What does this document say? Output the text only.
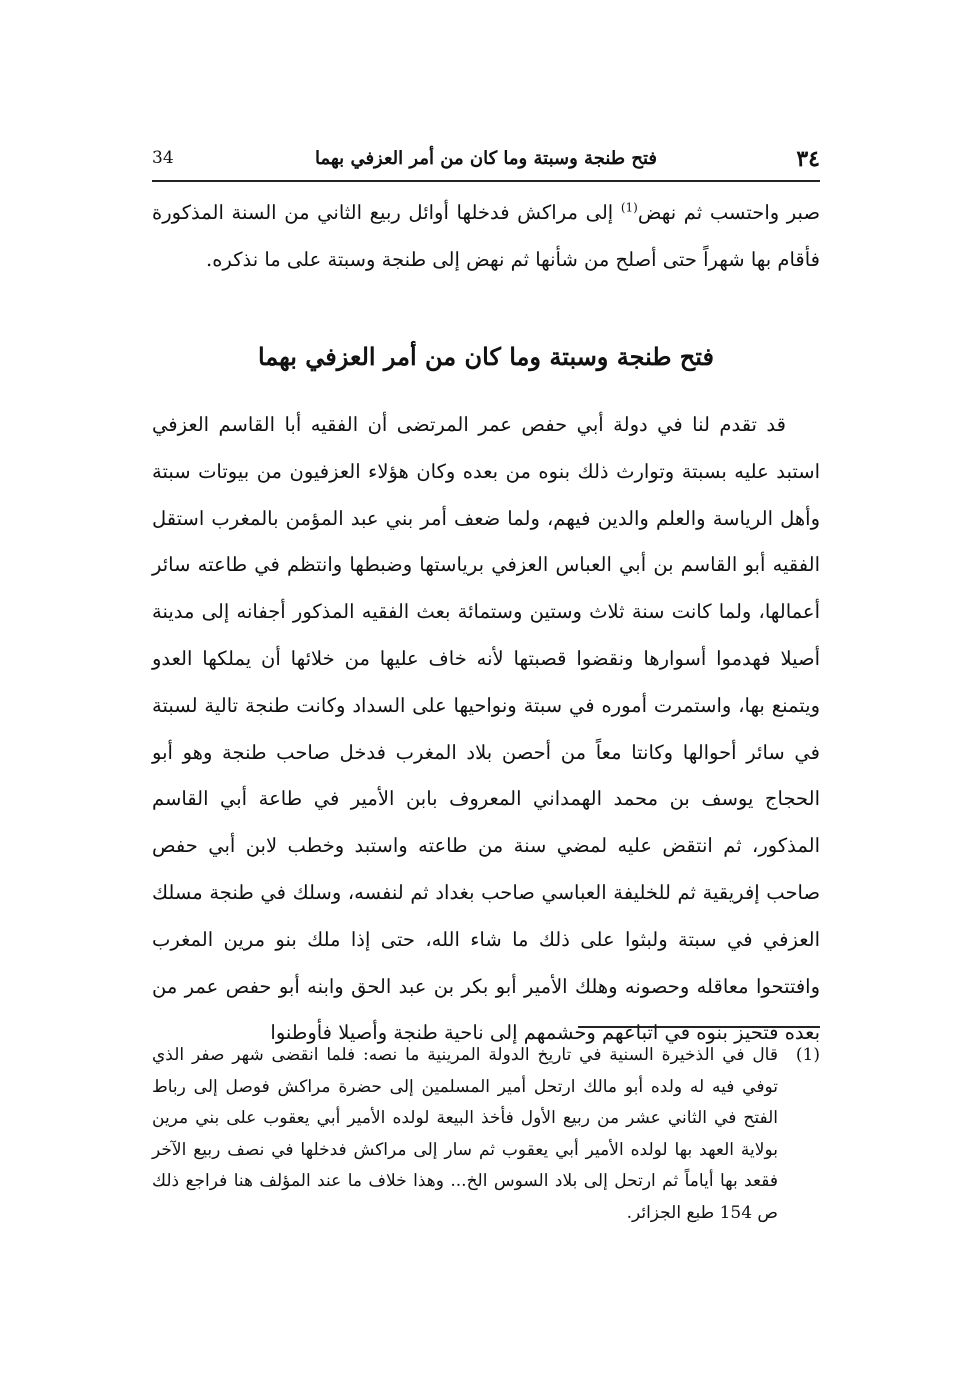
٣٤
فتح طنجة وسبتة وما كان من أمر العزفي بهما
34

صبر واحتسب ثم نهض$^{(1)}$ إلى مراكش فدخلها أوائل ربيع الثاني من السنة المذكورة فأقام بها شهراً حتى أصلح من شأنها ثم نهض إلى طنجة وسبتة على ما نذكره.

فتح طنجة وسبتة وما كان من أمر العزفي بهما

قد تقدم لنا في دولة أبي حفص عمر المرتضى أن الفقيه أبا القاسم العزفي استبد عليه بسبتة وتوارث ذلك بنوه من بعده وكان هؤلاء العزفيون من بيوتات سبتة وأهل الرياسة والعلم والدين فيهم، ولما ضعف أمر بني عبد المؤمن بالمغرب استقل الفقيه أبو القاسم بن أبي العباس العزفي برياستها وضبطها وانتظم في طاعته سائر أعمالها، ولما كانت سنة ثلاث وستين وستمائة بعث الفقيه المذكور أجفانه إلى مدينة أصيلا فهدموا أسوارها ونقضوا قصبتها لأنه خاف عليها من خلائها أن يملكها العدو ويتمنع بها، واستمرت أموره في سبتة ونواحيها على السداد وكانت طنجة تالية لسبتة في سائر أحوالها وكانتا معاً من أحصن بلاد المغرب فدخل صاحب طنجة وهو أبو الحجاج يوسف بن محمد الهمداني المعروف بابن الأمير في طاعة أبي القاسم المذكور، ثم انتقض عليه لمضي سنة من طاعته واستبد وخطب لابن أبي حفص صاحب إفريقية ثم للخليفة العباسي صاحب بغداد ثم لنفسه، وسلك في طنجة مسلك العزفي في سبتة ولبثوا على ذلك ما شاء الله، حتى إذا ملك بنو مرين المغرب وافتتحوا معاقله وحصونه وهلك الأمير أبو بكر بن عبد الحق وابنه أبو حفص عمر من بعده فتحيز بنوه في اتباعهم وحشمهم إلى ناحية طنجة وأصيلا فأوطنوا

(1)
قال في الذخيرة السنية في تاريخ الدولة المرينية ما نصه: فلما انقضى شهر صفر الذي توفي فيه له ولده أبو مالك ارتحل أمير المسلمين إلى حضرة مراكش فوصل إلى رباط الفتح في الثاني عشر من ربيع الأول فأخذ البيعة لولده الأمير أبي يعقوب على بني مرين بولاية العهد بها لولده الأمير أبي يعقوب ثم سار إلى مراكش فدخلها في نصف ربيع الآخر فقعد بها أياماً ثم ارتحل إلى بلاد السوس الخ... وهذا خلاف ما عند المؤلف هنا فراجع ذلك ص 154 طبع الجزائر.
